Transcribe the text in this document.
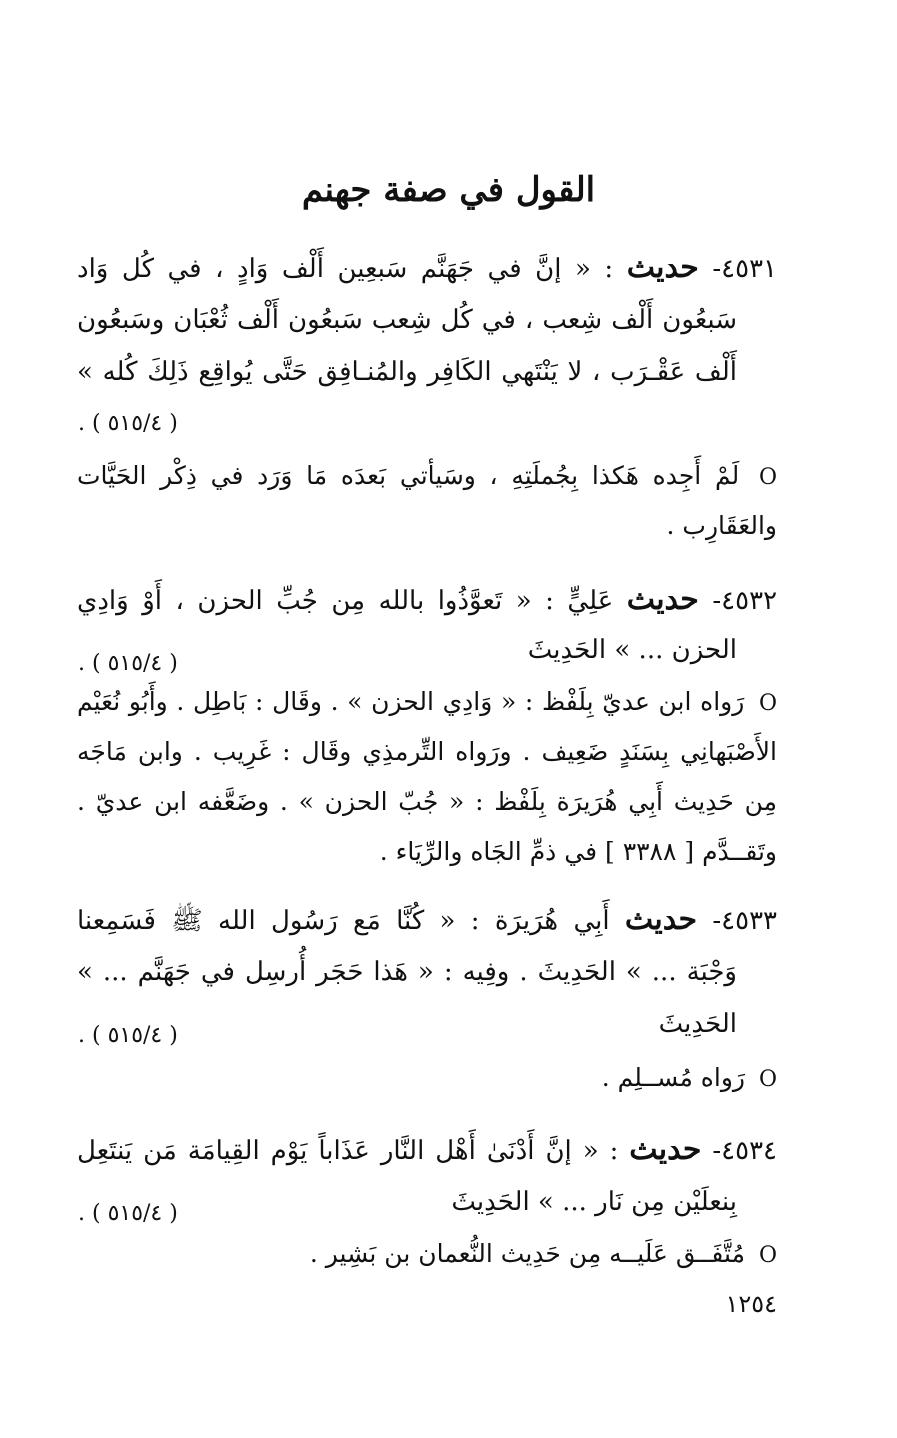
القول في صفة جهنم
٤٥٣١- حديث : « إنَّ في جَهَنَّم سَبعِين أَلْف وَادٍ ، في كُل وَاد
سَبعُون أَلْف شِعب ، في كُل شِعب سَبعُون أَلْف ثُعْبَان وسَبعُون
أَلْف عَقْـرَب ، لا يَنْتَهي الكَافِر والمُنـافِق حَتَّى يُواقِع ذَلِكَ كُله »
( ٥١٥/٤ ) .
O لَمْ أَجِده هَكذا بِجُملَتِهِ ، وسَيأتي بَعدَه مَا وَرَد في ذِكْر الحَيَّات
والعَقَارِب .
٤٥٣٢- حديث عَلِيٍّ : « تَعوَّذُوا بالله مِن جُبِّ الحزن ، أَوْ وَادِي
الحزن ... » الحَدِيثَ
( ٥١٥/٤ ) .
O رَواه ابن عديّ بِلَفْظ : « وَادِي الحزن » . وقَال : بَاطِل . وأَبُو نُعَيْم
الأَصْبَهانِي بِسَنَدٍ ضَعِيف . ورَواه التِّرمذِي وقَال : غَرِيب . وابن مَاجَه
مِن حَدِيث أَبِي هُرَيرَة بِلَفْظ : « جُبّ الحزن » . وضَعَّفه ابن عديّ .
وتَقــدَّم [ ٣٣٨٨ ] في ذمِّ الجَاه والرِّيَاء .
٤٥٣٣- حديث أَبِي هُرَيرَة : « كُنَّا مَع رَسُول الله ﷺ فَسَمِعنا
وَجْبَة ... » الحَدِيثَ . وفِيه : « هَذا حَجَر أُرسِل في جَهَنَّم ... »
الحَدِيثَ
( ٥١٥/٤ ) .
O رَواه مُســلِم .
٤٥٣٤- حديث : « إنَّ أَدْنَىٰ أَهْل النَّار عَذَاباً يَوْم القِيامَة مَن يَنتَعِل
بِنعلَيْن مِن نَار ... » الحَدِيثَ
( ٥١٥/٤ ) .
O مُتَّفَــق عَلَيــه مِن حَدِيث النُّعمان بن بَشِير .
١٢٥٤
